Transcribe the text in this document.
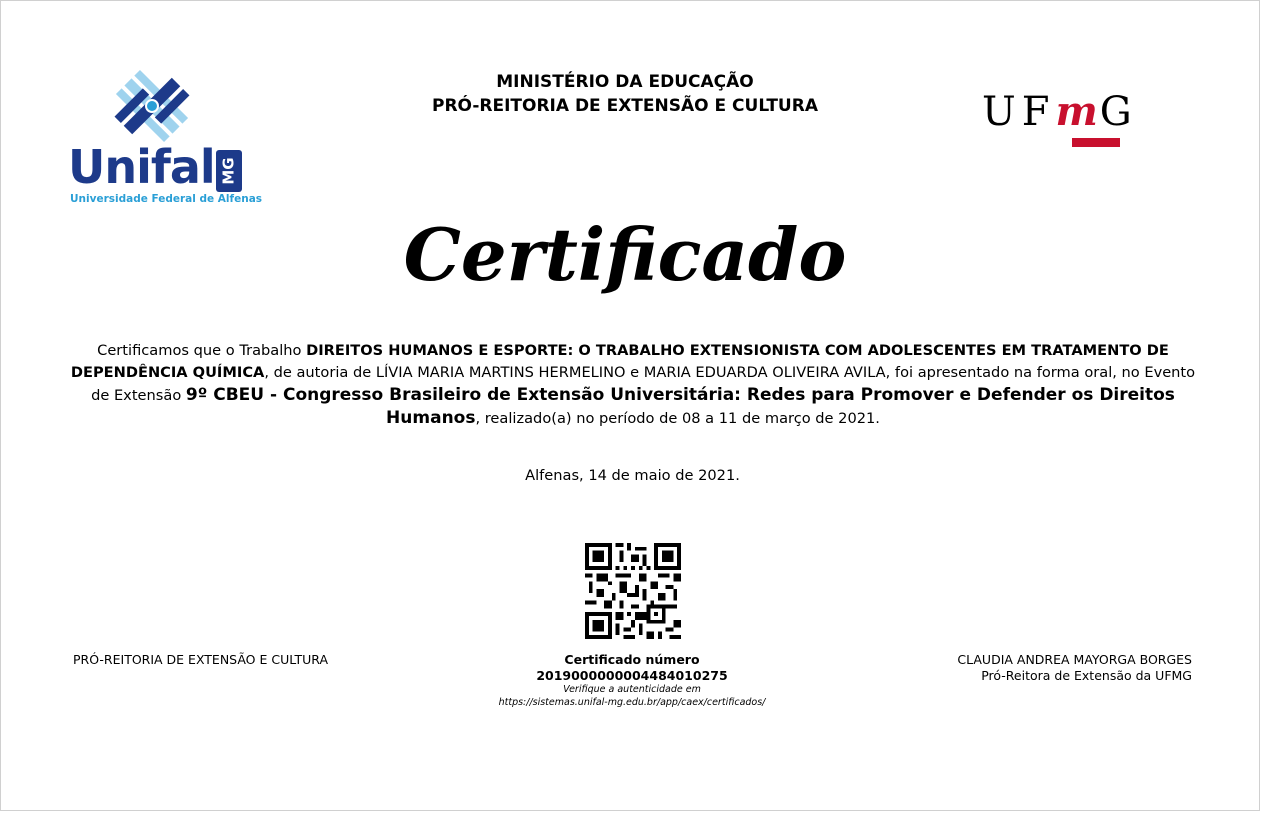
Unifal MG
Universidade Federal de Alfenas
MINISTÉRIO DA EDUCAÇÃO
PRÓ-REITORIA DE EXTENSÃO E CULTURA	UFmG
Certificado
Certificamos que o Trabalho DIREITOS HUMANOS E ESPORTE: O TRABALHO EXTENSIONISTA COM ADOLESCENTES EM TRATAMENTO DE DEPENDÊNCIA QUÍMICA, de autoria de LÍVIA MARIA MARTINS HERMELINO e MARIA EDUARDA OLIVEIRA AVILA, foi apresentado na forma oral, no Evento de Extensão 9º CBEU - Congresso Brasileiro de Extensão Universitária: Redes para Promover e Defender os Direitos Humanos, realizado(a) no período de 08 a 11 de março de 2021.
Alfenas, 14 de maio de 2021.
PRÓ-REITORIA DE EXTENSÃO E CULTURA	Certificado número
20190000000044840102​75
Verifique a autenticidade em
https://sistemas.unifal-mg.edu.br/app/caex/certificados/
CLAUDIA ANDREA MAYORGA BORGES
Pró-Reitora de Extensão da UFMG
